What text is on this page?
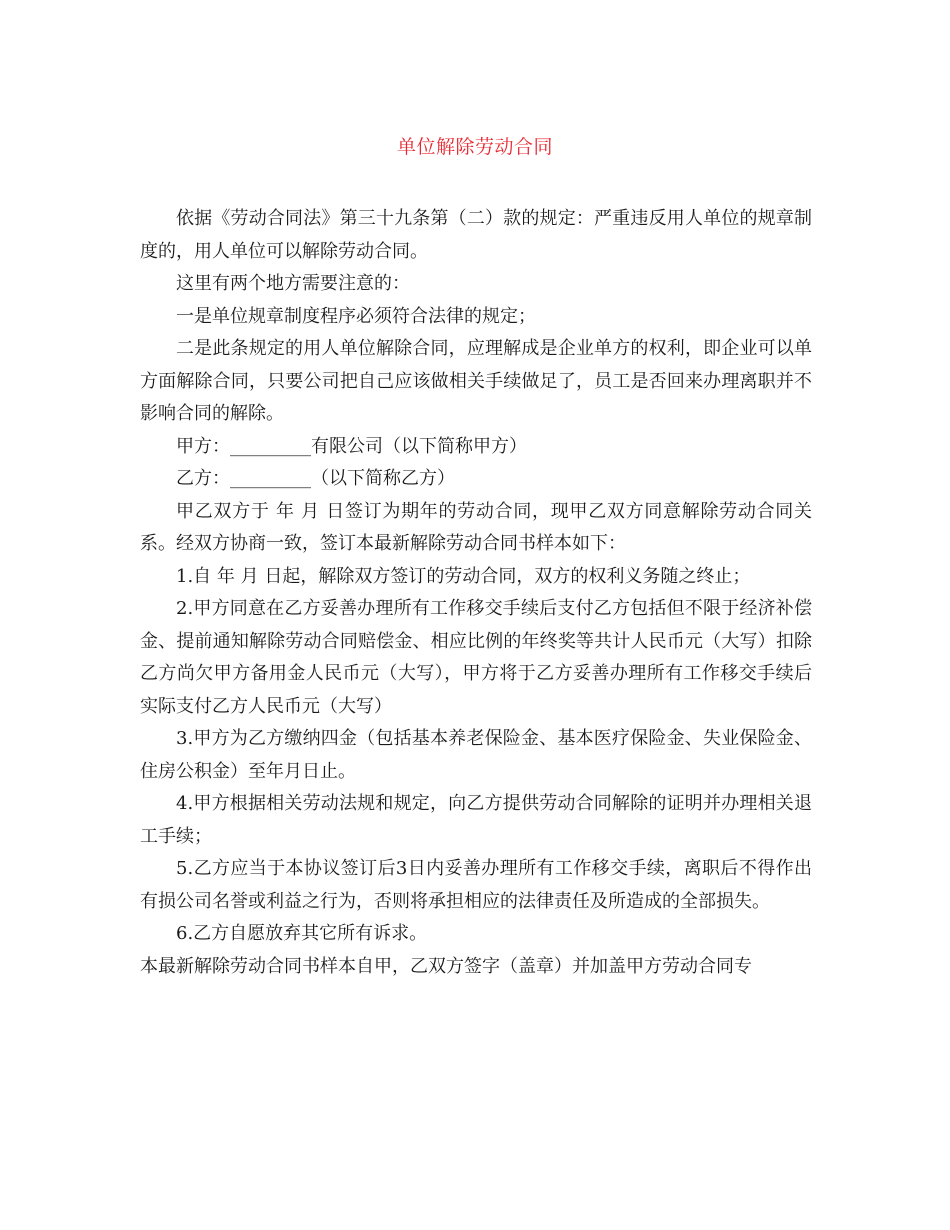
单位解除劳动合同

依据《劳动合同法》第三十九条第（二）款的规定：严重违反用人单位的规章制度的，用人单位可以解除劳动合同。

这里有两个地方需要注意的：

一是单位规章制度程序必须符合法律的规定；

二是此条规定的用人单位解除合同，应理解成是企业单方的权利，即企业可以单方面解除合同，只要公司把自己应该做相关手续做足了，员工是否回来办理离职并不影响合同的解除。

甲方：_________有限公司（以下简称甲方）

乙方：_________（以下简称乙方）

甲乙双方于 年 月 日签订为期年的劳动合同，现甲乙双方同意解除劳动合同关系。经双方协商一致，签订本最新解除劳动合同书样本如下：

1.自 年 月 日起，解除双方签订的劳动合同，双方的权利义务随之终止；

2.甲方同意在乙方妥善办理所有工作移交手续后支付乙方包括但不限于经济补偿金、提前通知解除劳动合同赔偿金、相应比例的年终奖等共计人民币元（大写）扣除乙方尚欠甲方备用金人民币元（大写），甲方将于乙方妥善办理所有工作移交手续后实际支付乙方人民币元（大写）

3.甲方为乙方缴纳四金（包括基本养老保险金、基本医疗保险金、失业保险金、住房公积金）至年月日止。

4.甲方根据相关劳动法规和规定，向乙方提供劳动合同解除的证明并办理相关退工手续；

5.乙方应当于本协议签订后3日内妥善办理所有工作移交手续，离职后不得作出有损公司名誉或利益之行为，否则将承担相应的法律责任及所造成的全部损失。

6.乙方自愿放弃其它所有诉求。

本最新解除劳动合同书样本自甲，乙双方签字（盖章）并加盖甲方劳动合同专
